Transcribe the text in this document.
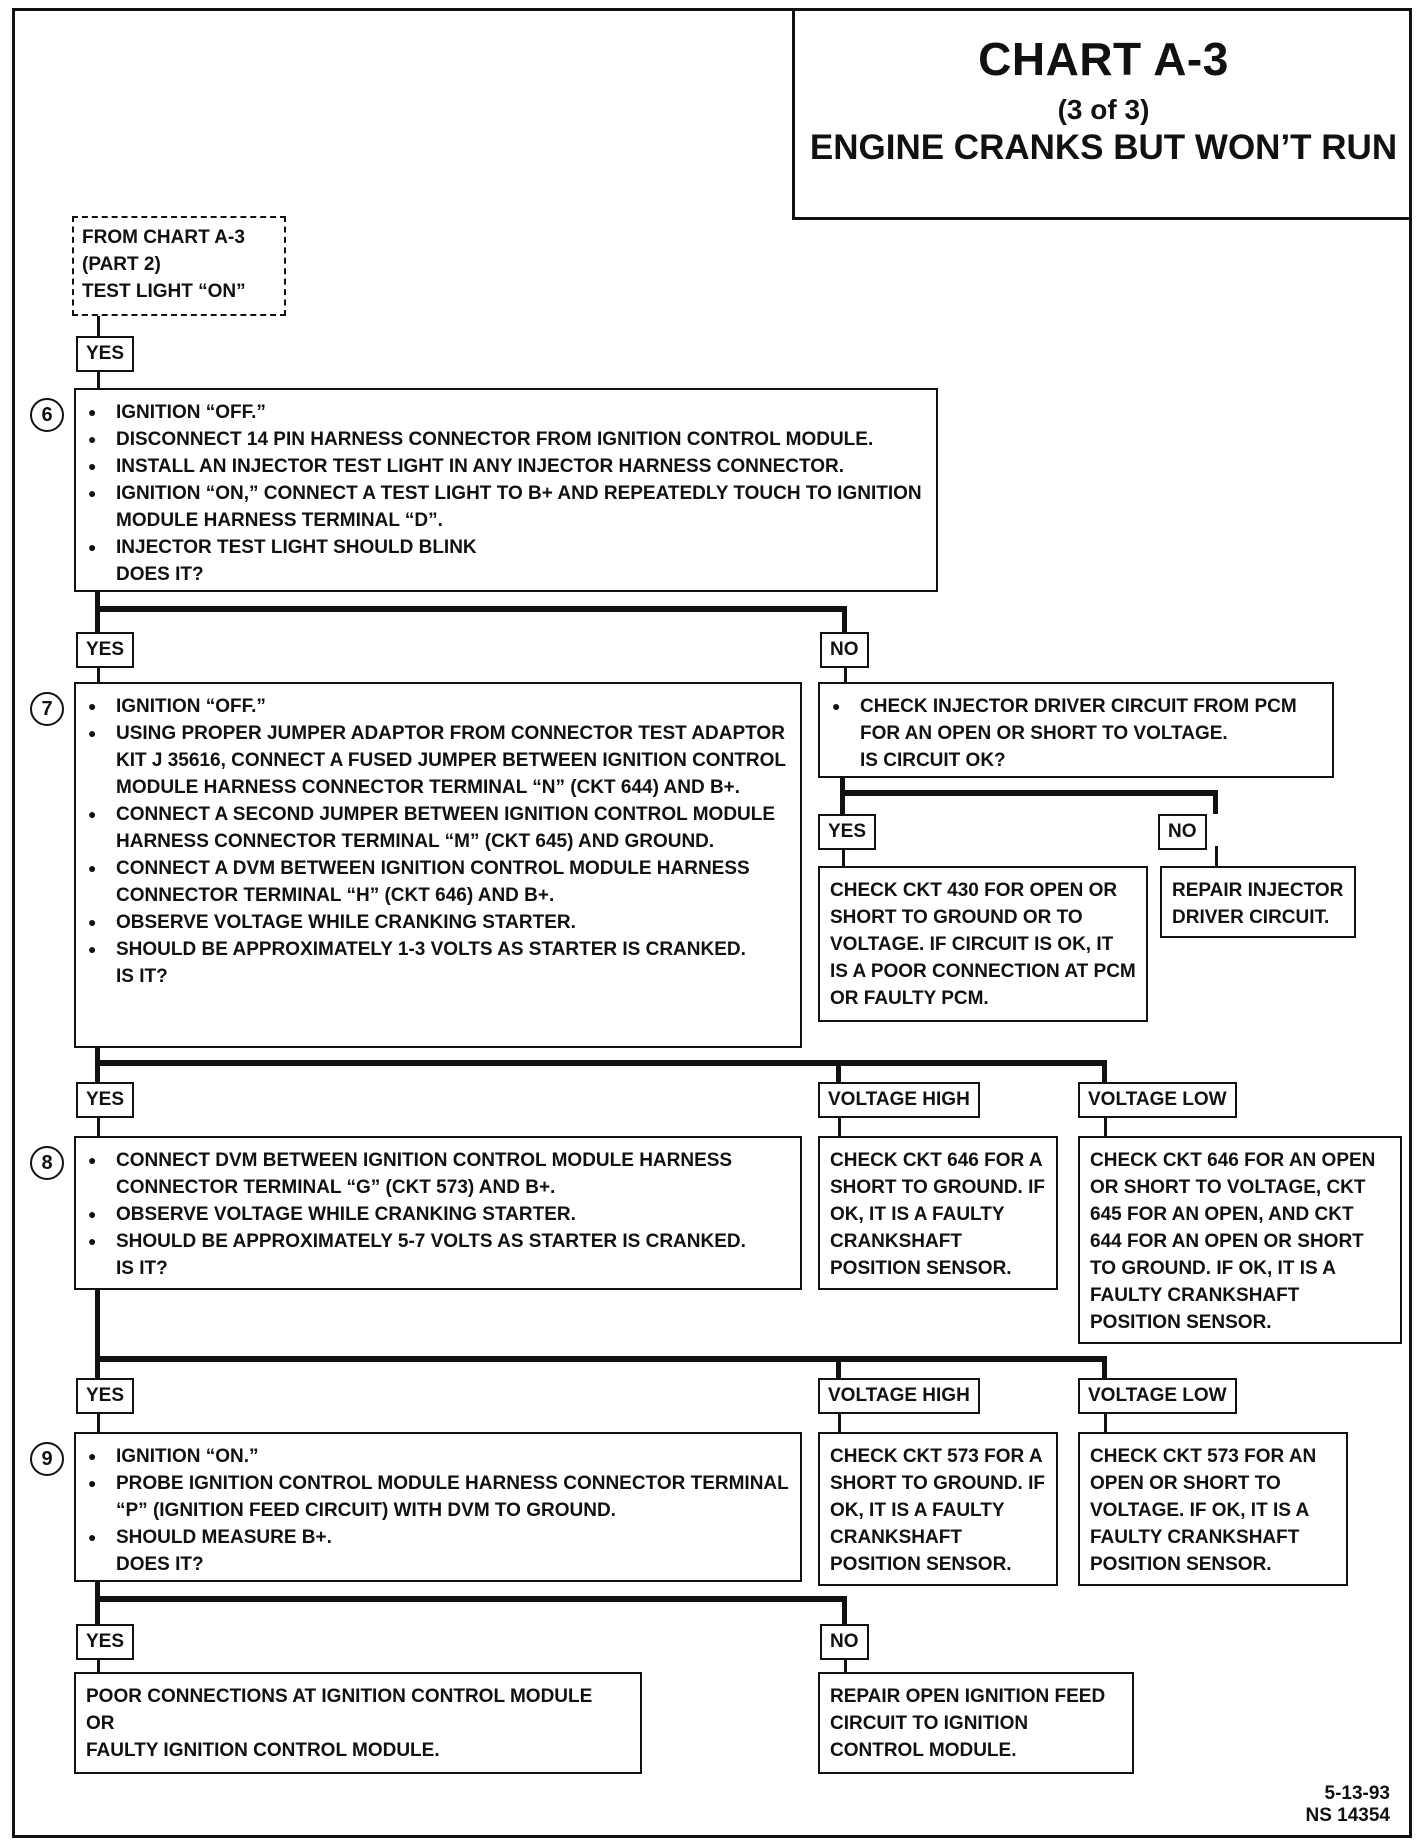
CHART A-3
(3 of 3)
ENGINE CRANKS BUT WON’T RUN
FROM CHART A-3
(PART 2)
TEST LIGHT “ON”
YES
6	● IGNITION “OFF.”
● DISCONNECT 14 PIN HARNESS CONNECTOR FROM IGNITION CONTROL MODULE.
● INSTALL AN INJECTOR TEST LIGHT IN ANY INJECTOR HARNESS CONNECTOR.
● IGNITION “ON,” CONNECT A TEST LIGHT TO B+ AND REPEATEDLY TOUCH TO IGNITION MODULE HARNESS TERMINAL “D”.
● INJECTOR TEST LIGHT SHOULD BLINK
DOES IT?
YES	NO
7	● IGNITION “OFF.”
● USING PROPER JUMPER ADAPTOR FROM CONNECTOR TEST ADAPTOR KIT J 35616, CONNECT A FUSED JUMPER BETWEEN IGNITION CONTROL MODULE HARNESS CONNECTOR TERMINAL “N” (CKT 644) AND B+.
● CONNECT A SECOND JUMPER BETWEEN IGNITION CONTROL MODULE HARNESS CONNECTOR TERMINAL “M” (CKT 645) AND GROUND.
● CONNECT A DVM BETWEEN IGNITION CONTROL MODULE HARNESS CONNECTOR TERMINAL “H” (CKT 646) AND B+.
● OBSERVE VOLTAGE WHILE CRANKING STARTER.
● SHOULD BE APPROXIMATELY 1-3 VOLTS AS STARTER IS CRANKED.
IS IT?
● CHECK INJECTOR DRIVER CIRCUIT FROM PCM FOR AN OPEN OR SHORT TO VOLTAGE.
IS CIRCUIT OK?
YES	NO
CHECK CKT 430 FOR OPEN OR SHORT TO GROUND OR TO VOLTAGE. IF CIRCUIT IS OK, IT IS A POOR CONNECTION AT PCM OR FAULTY PCM.
REPAIR INJECTOR DRIVER CIRCUIT.
YES	VOLTAGE HIGH	VOLTAGE LOW
8	● CONNECT DVM BETWEEN IGNITION CONTROL MODULE HARNESS CONNECTOR TERMINAL “G” (CKT 573) AND B+.
● OBSERVE VOLTAGE WHILE CRANKING STARTER.
● SHOULD BE APPROXIMATELY 5-7 VOLTS AS STARTER IS CRANKED.
IS IT?
CHECK CKT 646 FOR A SHORT TO GROUND. IF OK, IT IS A FAULTY CRANKSHAFT POSITION SENSOR.
CHECK CKT 646 FOR AN OPEN OR SHORT TO VOLTAGE, CKT 645 FOR AN OPEN, AND CKT 644 FOR AN OPEN OR SHORT TO GROUND. IF OK, IT IS A FAULTY CRANKSHAFT POSITION SENSOR.
YES	VOLTAGE HIGH	VOLTAGE LOW
9	● IGNITION “ON.”
● PROBE IGNITION CONTROL MODULE HARNESS CONNECTOR TERMINAL “P” (IGNITION FEED CIRCUIT) WITH DVM TO GROUND.
● SHOULD MEASURE B+.
DOES IT?
CHECK CKT 573 FOR A SHORT TO GROUND. IF OK, IT IS A FAULTY CRANKSHAFT POSITION SENSOR.
CHECK CKT 573 FOR AN OPEN OR SHORT TO VOLTAGE. IF OK, IT IS A FAULTY CRANKSHAFT POSITION SENSOR.
YES	NO
POOR CONNECTIONS AT IGNITION CONTROL MODULE
OR
FAULTY IGNITION CONTROL MODULE.
REPAIR OPEN IGNITION FEED CIRCUIT TO IGNITION CONTROL MODULE.
5-13-93
NS 14354
